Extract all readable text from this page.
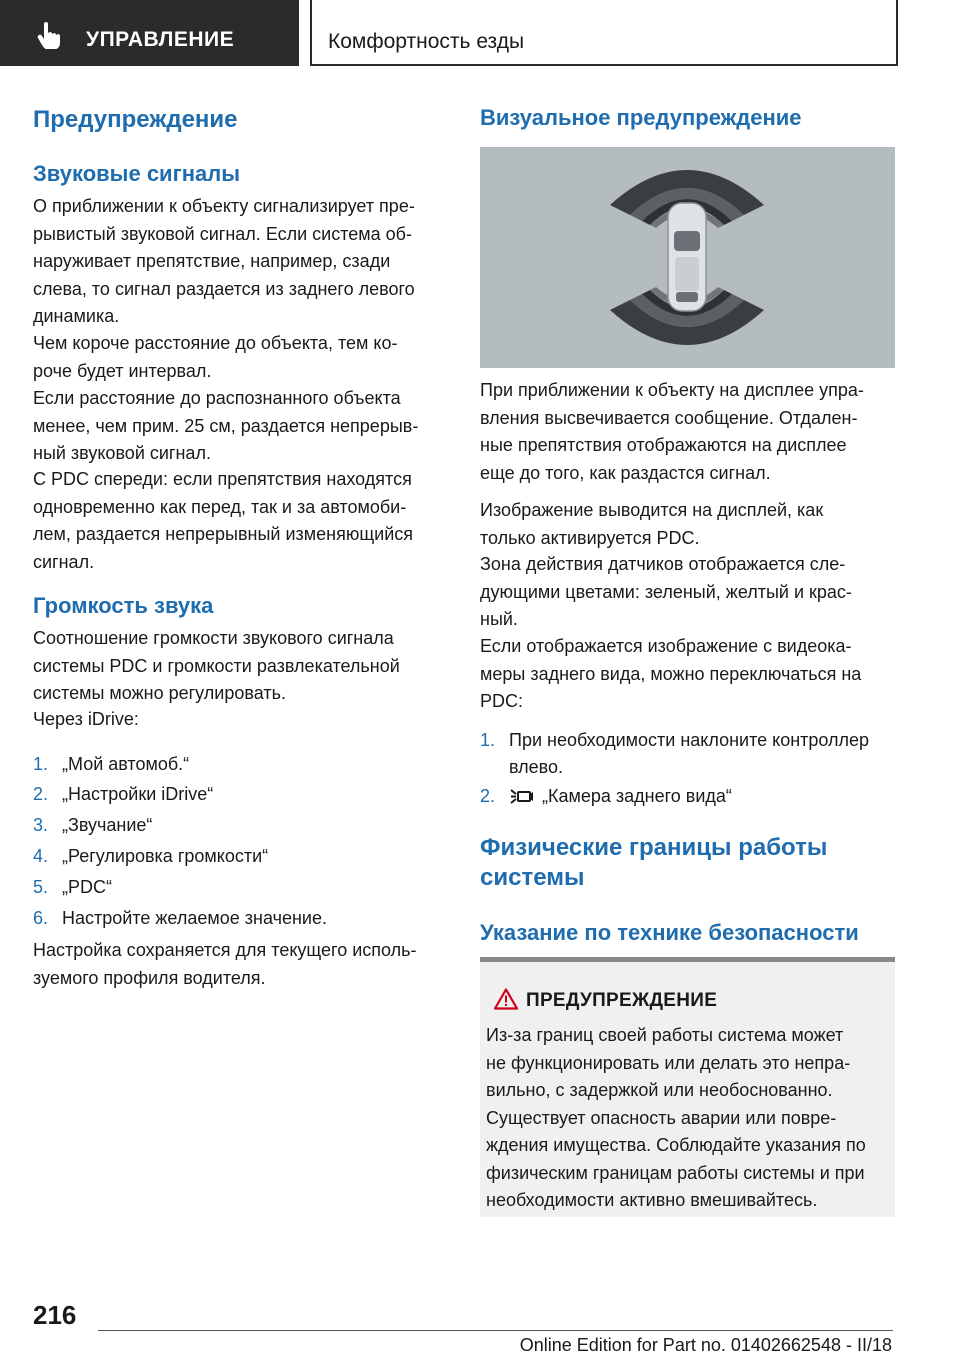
УПРАВЛЕНИЕ	Комфортность езды
Предупреждение
Звуковые сигналы
О приближении к объекту сигнализирует пре-
рывистый звуковой сигнал. Если система об-
наруживает препятствие, например, сзади
слева, то сигнал раздается из заднего левого
динамика.
Чем короче расстояние до объекта, тем ко-
роче будет интервал.
Если расстояние до распознанного объекта
менее, чем прим. 25 см, раздается непрерыв-
ный звуковой сигнал.
С PDC спереди: если препятствия находятся
одновременно как перед, так и за автомоби-
лем, раздается непрерывный изменяющийся
сигнал.
Громкость звука
Соотношение громкости звукового сигнала
системы PDC и громкости развлекательной
системы можно регулировать.
Через iDrive:
1. „Мой автомоб.“
2. „Настройки iDrive“
3. „Звучание“
4. „Регулировка громкости“
5. „PDC“
6. Настройте желаемое значение.
Настройка сохраняется для текущего исполь-
зуемого профиля водителя.
Визуальное предупреждение
При приближении к объекту на дисплее упра-
вления высвечивается сообщение. Отдален-
ные препятствия отображаются на дисплее
еще до того, как раздастся сигнал.
Изображение выводится на дисплей, как
только активируется PDC.
Зона действия датчиков отображается сле-
дующими цветами: зеленый, желтый и крас-
ный.
Если отображается изображение с видеока-
меры заднего вида, можно переключаться на
PDC:
1. При необходимости наклоните контроллер
влево.
2.	„Камера заднего вида“
Физические границы работы
системы
Указание по технике безопасности
ПРЕДУПРЕЖДЕНИЕ
Из-за границ своей работы система может
не функционировать или делать это непра-
вильно, с задержкой или необоснованно.
Существует опасность аварии или повре-
ждения имущества. Соблюдайте указания по
физическим границам работы системы и при
необходимости активно вмешивайтесь.
216
Online Edition for Part no. 01402662548 - II/18
